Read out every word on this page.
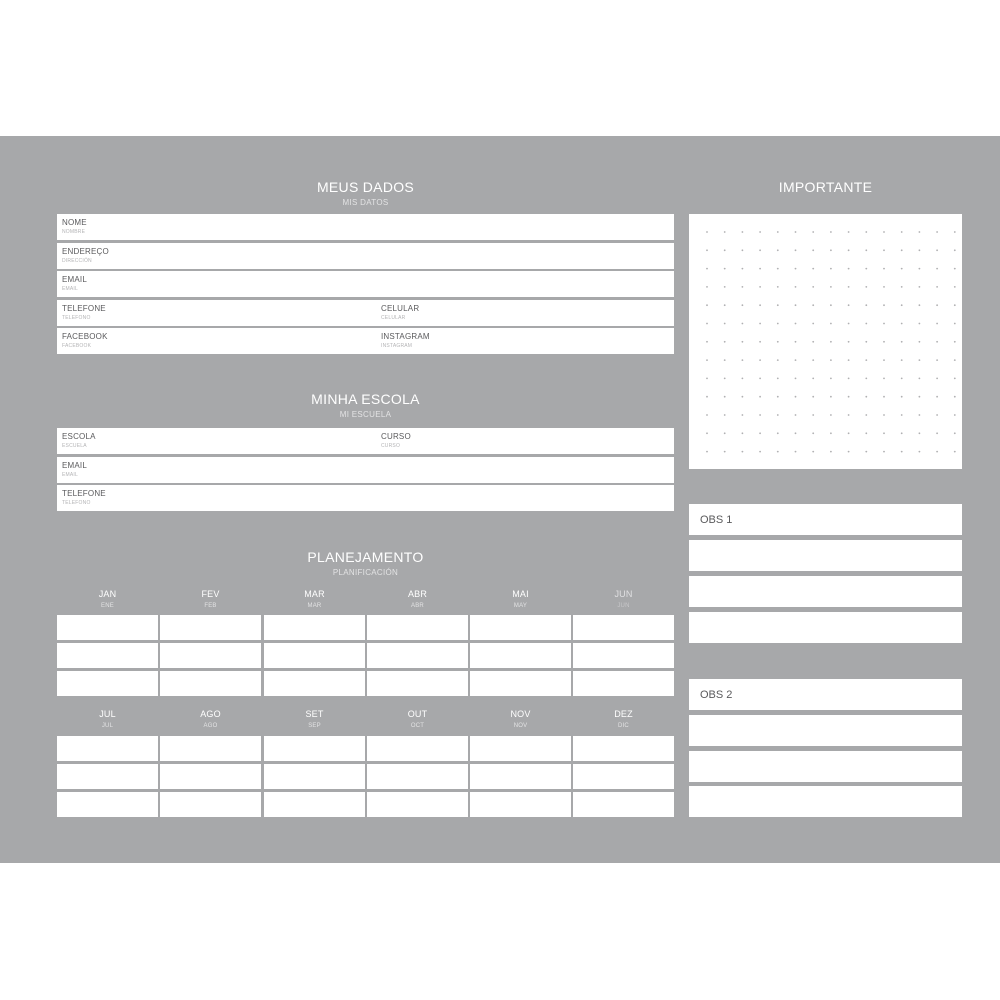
MEUS DADOS
MIS DATOS
NOME
NOMBRE
ENDEREÇO
DIRECCIÓN
EMAIL
EMAIL
TELEFONE
TELEFONO
CELULAR
CELULAR
FACEBOOK
FACEBOOK
INSTAGRAM
INSTAGRAM
MINHA ESCOLA
MI ESCUELA
ESCOLA
ESCUELA
CURSO
CURSO
EMAIL
EMAIL
TELEFONE
TELEFONO
PLANEJAMENTO
PLANIFICACIÓN
JAN
ENE
FEV
FEB
MAR
MAR
ABR
ABR
MAI
MAY
JUN
JUN
JUL
JUL
AGO
AGO
SET
SEP
OUT
OCT
NOV
NOV
DEZ
DIC
IMPORTANTE
OBS 1
OBS 2
